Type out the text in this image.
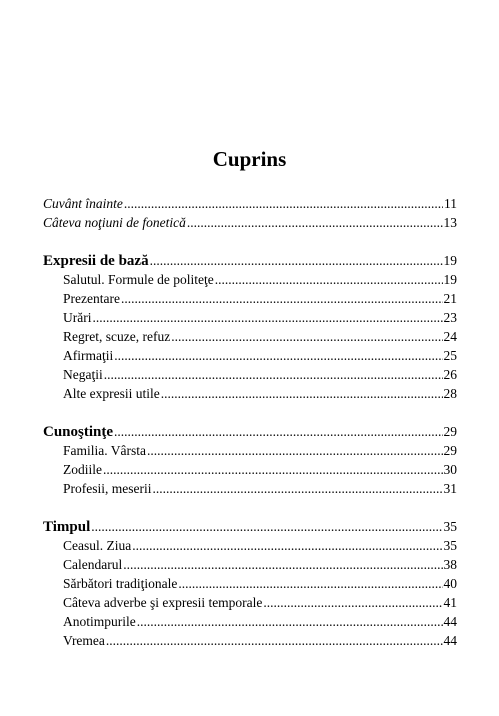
Cuprins
Cuvânt înainte .....	11
Câteva noţiuni de fonetică .....	13
Expresii de bază .....	19
Salutul. Formule de politeţe .....	19
Prezentare .....	21
Urări .....	23
Regret, scuze, refuz .....	24
Afirmaţii .....	25
Negaţii .....	26
Alte expresii utile .....	28
Cunoştinţe .....	29
Familia. Vârsta .....	29
Zodiile .....	30
Profesii, meserii .....	31
Timpul .....	35
Ceasul. Ziua .....	35
Calendarul .....	38
Sărbători tradiţionale .....	40
Câteva adverbe şi expresii temporale .....	41
Anotimpurile .....	44
Vremea .....	44
